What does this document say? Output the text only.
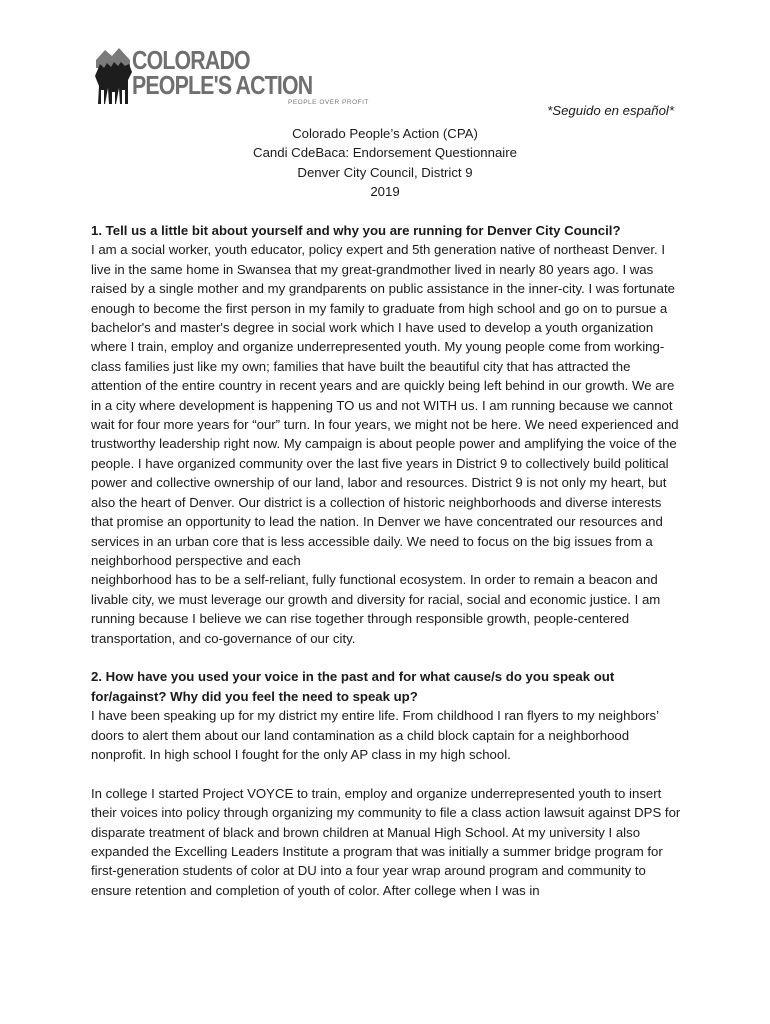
COLORADO
PEOPLE'S ACTION
PEOPLE OVER PROFIT
*Seguido en español*
Colorado People’s Action (CPA)
Candi CdeBaca: Endorsement Questionnaire
Denver City Council, District 9
2019

1. Tell us a little bit about yourself and why you are running for Denver City Council?

I am a social worker, youth educator, policy expert and 5th generation native of northeast Denver. I live in the same home in Swansea that my great-grandmother lived in nearly 80 years ago. I was raised by a single mother and my grandparents on public assistance in the inner-city. I was fortunate enough to become the first person in my family to graduate from high school and go on to pursue a bachelor's and master's degree in social work which I have used to develop a youth organization where I train, employ and organize underrepresented youth. My young people come from working-class families just like my own; families that have built the beautiful city that has attracted the attention of the entire country in recent years and are quickly being left behind in our growth. We are in a city where development is happening TO us and not WITH us. I am running because we cannot wait for four more years for “our” turn. In four years, we might not be here. We need experienced and trustworthy leadership right now. My campaign is about people power and amplifying the voice of the people. I have organized community over the last five years in District 9 to collectively build political power and collective ownership of our land, labor and resources. District 9 is not only my heart, but also the heart of Denver. Our district is a collection of historic neighborhoods and diverse interests that promise an opportunity to lead the nation. In Denver we have concentrated our resources and services in an urban core that is less accessible daily. We need to focus on the big issues from a neighborhood perspective and each

neighborhood has to be a self-reliant, fully functional ecosystem. In order to remain a beacon and livable city, we must leverage our growth and diversity for racial, social and economic justice. I am running because I believe we can rise together through responsible growth, people-centered transportation, and co-governance of our city.

2. How have you used your voice in the past and for what cause/s do you speak out for/against? Why did you feel the need to speak up?

I have been speaking up for my district my entire life. From childhood I ran flyers to my neighbors’ doors to alert them about our land contamination as a child block captain for a neighborhood nonprofit. In high school I fought for the only AP class in my high school.

In college I started Project VOYCE to train, employ and organize underrepresented youth to insert their voices into policy through organizing my community to file a class action lawsuit against DPS for disparate treatment of black and brown children at Manual High School. At my university I also expanded the Excelling Leaders Institute a program that was initially a summer bridge program for first-generation students of color at DU into a four year wrap around program and community to ensure retention and completion of youth of color. After college when I was in
